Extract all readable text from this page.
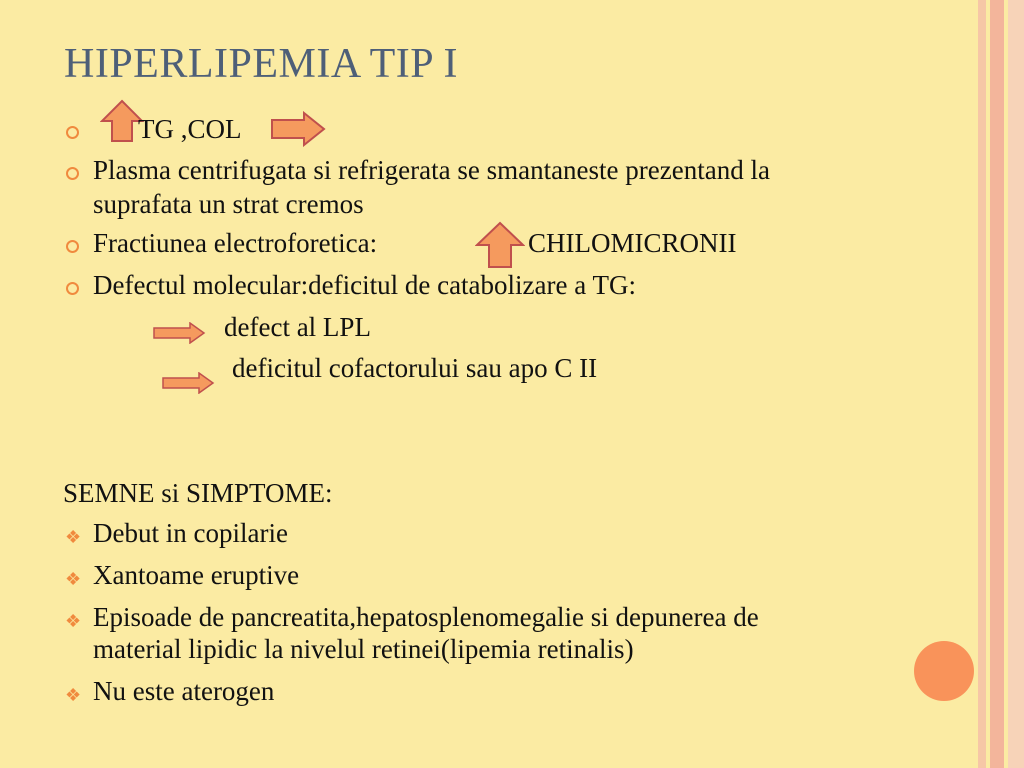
HIPERLIPEMIA TIP I
TG ,COL
Plasma centrifugata si refrigerata se smantaneste prezentand la
suprafata un strat cremos
Fractiunea electroforetica:	CHILOMICRONII
Defectul molecular:deficitul de catabolizare a TG:
defect al LPL
deficitul cofactorului sau apo C II
SEMNE si SIMPTOME:
❖ Debut in copilarie
❖ Xantoame eruptive
❖ Episoade de pancreatita,hepatosplenomegalie si depunerea de
material lipidic la nivelul retinei(lipemia retinalis)
❖ Nu este aterogen
